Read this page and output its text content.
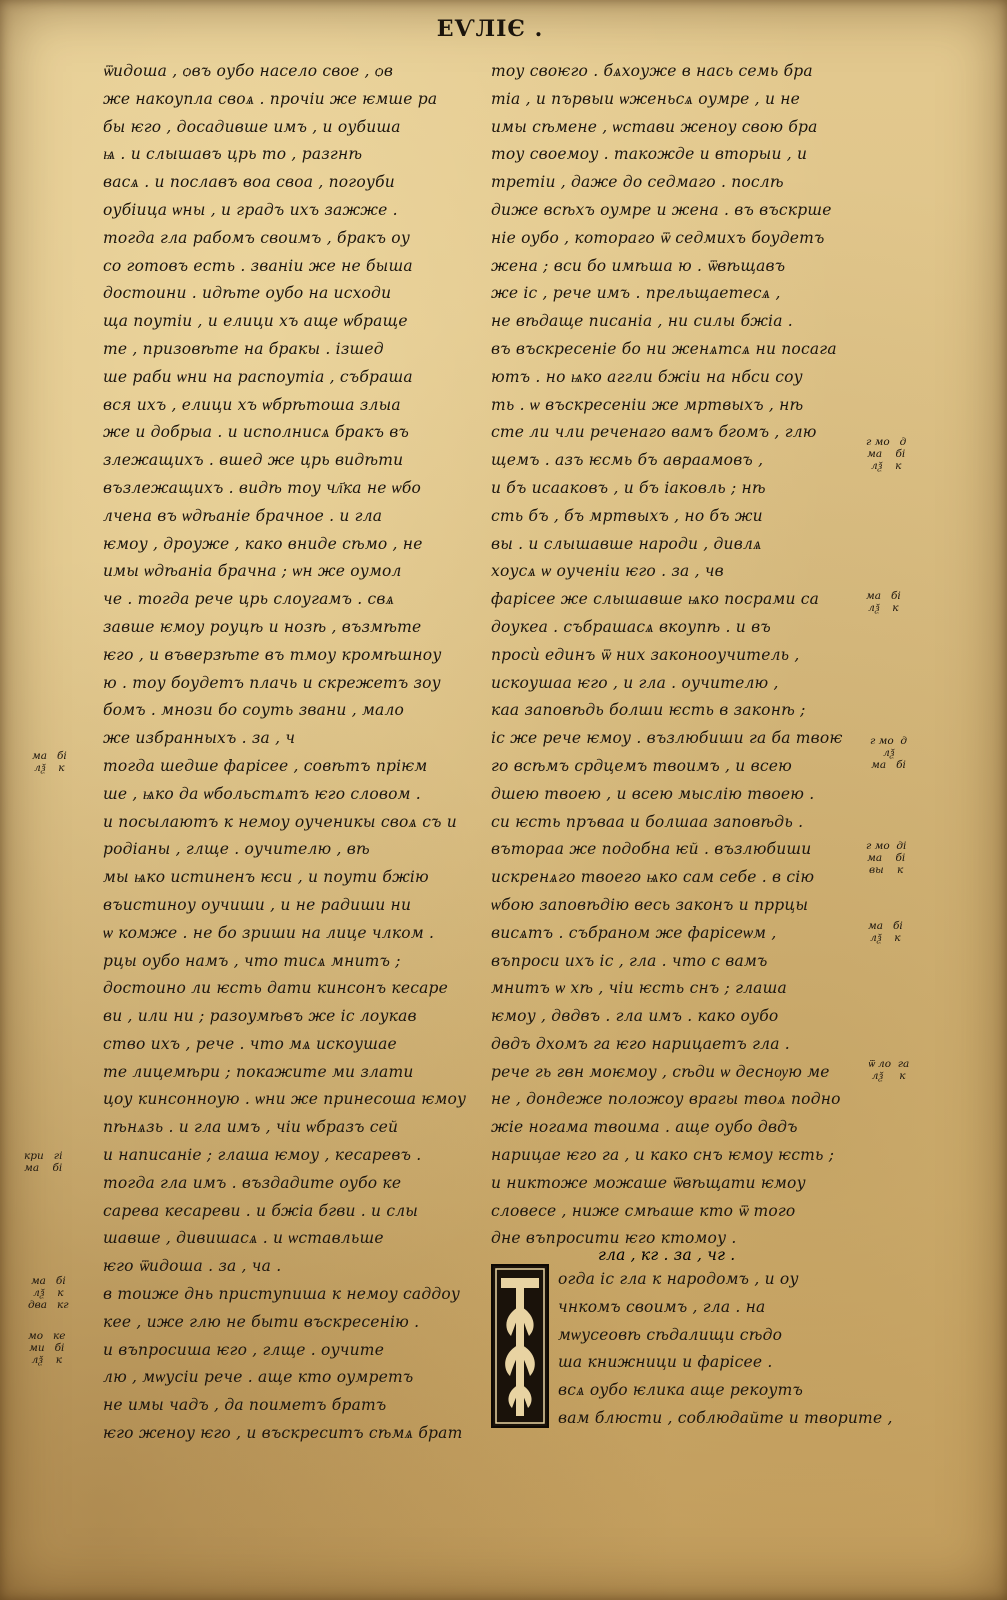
ЕѴЛІЄ .
ѿидоша , ѻвъ оубо насело свое , ѻв
же накоупла своѧ . прочіи же ѥмше ра
бы ѥго , досадивше имъ , и оубиша
ѩ . и слышавъ црь то , разгнѣ
васѧ . и пославъ воа своа , погоуби
оубіица ѡны , и градъ ихъ зажже .
тогда гла рабомъ своимъ , бракъ оу
со готовъ есть . званіи же не быша
достоини . идѣте оубо на исходи
ща поутіи , и елици хъ аще ѡбраще
те , призовѣте на бракы . ізшед
ше раби ѡни на распоутіа , събраша
вся ихъ , елици хъ ѡбрѣтоша злыа
же и добрыа . и исполнисѧ бракъ въ
злежащихъ . вшед же црь видѣти
възлежащихъ . видѣ тоу чл҃ка не ѡбо
лчена въ ѡдѣаніе брачное . и гла
ѥмоу , дроуже , како вниде сѣмо , не
имы ѡдѣаніа брачна ; ѡн же оумол
че . тогда рече црь слоугамъ . свѧ
завше ѥмоу роуцѣ и нозѣ , възмѣте
ѥго , и въверзѣте въ тмоу кромѣшноу
ю . тоу боудетъ плачь и скрежетъ зоу
бомъ . мнози бо соуть звани , мало
же избранныхъ . за , ч
тогда шедше фарісее , совѣтъ пріѥм
ше , ѩко да ѡбольстѧтъ ѥго словом .
и посылаютъ к немоу оученикы своѧ съ и
родіаны , глще . оучителю , вѣ
мы ѩко истиненъ ѥси , и поути бжію
въистиноу оучиши , и не радиши ни
ѡ комже . не бо зриши на лице члком .
рцы оубо намъ , что тисѧ мнитъ ;
достоино ли ѥсть дати кинсонъ кесаре
ви , или ни ; разоумѣвъ же іс лоукав
ство ихъ , рече . что мѧ искоушае
те лицемѣри ; покажите ми злати
цоу кинсонноую . ѡни же принесоша ѥмоу
пѣнѧзь . и гла имъ , чіи ѡбразъ сей
и написаніе ; глаша ѥмоу , кесаревъ .
тогда гла имъ . въздадите оубо ке
сарева кесареви . и бжіа бгви . и слы
шавше , дивишасѧ . и ѡставльше
ѥго ѿидоша . за , ча .
в тоиже днь приступиша к немоу саддоу
кее , иже глю не быти въскресенію .
и въпросиша ѥго , глще . оучите
лю , мѡусіи рече . аще кто оумретъ
не имы чадъ , да поиметъ братъ
ѥго женоу ѥго , и въскреситъ сѣмѧ брат
тоу своѥго . бѧхоуже в нась семь бра
тіа , и първыи ѡженьсѧ оумре , и не
имы сѣмене , ѡстави женоу свою бра
тоу своемоу . такожде и вторыи , и
третіи , даже до седмаго . послѣ
диже всѣхъ оумре и жена . въ въскрше
ніе оубо , котораго ѿ седмихъ боудетъ
жена ; вси бо имѣша ю . ѿвѣщавъ
же іс , рече имъ . прельщаетесѧ ,
не вѣдаще писаніа , ни силы бжіа .
въ въскресеніе бо ни женѧтсѧ ни посага
ютъ . но ѩко аггли бжіи на нбси соу
ть . ѡ въскресеніи же мртвыхъ , нѣ
сте ли чли реченаго вамъ бгомъ , глю
щемъ . азъ ѥсмь бъ авраамовъ ,
и бъ исааковъ , и бъ іаковль ; нѣ
сть бъ , бъ мртвыхъ , но бъ жи
вы . и слышавше народи , дивлѧ
хоусѧ ѡ оученіи ѥго . за , чв
фарісее же слышавше ѩко посрами са
доукеа . събрашасѧ вкоупѣ . и въ
просѝ единъ ѿ них законооучитель ,
искоушаа ѥго , и гла . оучителю ,
каа заповѣдь болши ѥсть в законѣ ;
іс же рече ѥмоу . възлюбиши га ба твоѥ
го всѣмъ срдцемъ твоимъ , и всею
дшею твоею , и всею мыслію твоею .
си ѥсть пръваа и болшаа заповѣдь .
вътораа же подобна ѥй . възлюбиши
искренѧго твоего ѩко сам себе . в сію
ѡбою заповѣдію весь законъ и пррцы
висѧтъ . събраном же фарісеѡм ,
въпроси ихъ іс , гла . что с вамъ
мнитъ ѡ хѣ , чіи ѥсть снъ ; глаша
ѥмоу , двдвъ . гла имъ . како оубо
двдъ дхомъ га ѥго нарицаетъ гла .
рече гь гвн моѥмоу , сѣди ѡ деснѹю ме
не , дондеже положоу врагы твоѧ подно
жіе ногама твоима . аще оубо двдъ
нарицае ѥго га , и како снъ ѥмоу ѥсть ;
и никтоже можаше ѿвѣщати ѥмоу
словесе , ниже смѣаше кто ѿ того
дне въпросити ѥго ктомоу .
гла , кг . за , чг .
огда іс гла к народомъ , и оу
чнкомъ своимъ , гла . на
мѡусеовѣ сѣдалищи сѣдо
ша книжници и фарісее .
всѧ оубо ѥлика аще рекоутъ
вам блюсти , соблюдайте и творите ,
г мо   д
ма    бі
лѯ    к
ма   бі
лѯ    к
г мо  д
лѯ
ма   бі
г мо  ді
ма    бі
вы    к
ма   бі
лѯ    к
ѿ ло  га
лѯ     к
ма   бі
лѯ    к
кри   гі
ма    бі
ма   бі
лѯ    к
два   кг
мо   ке
ми   бі
лѯ    к
